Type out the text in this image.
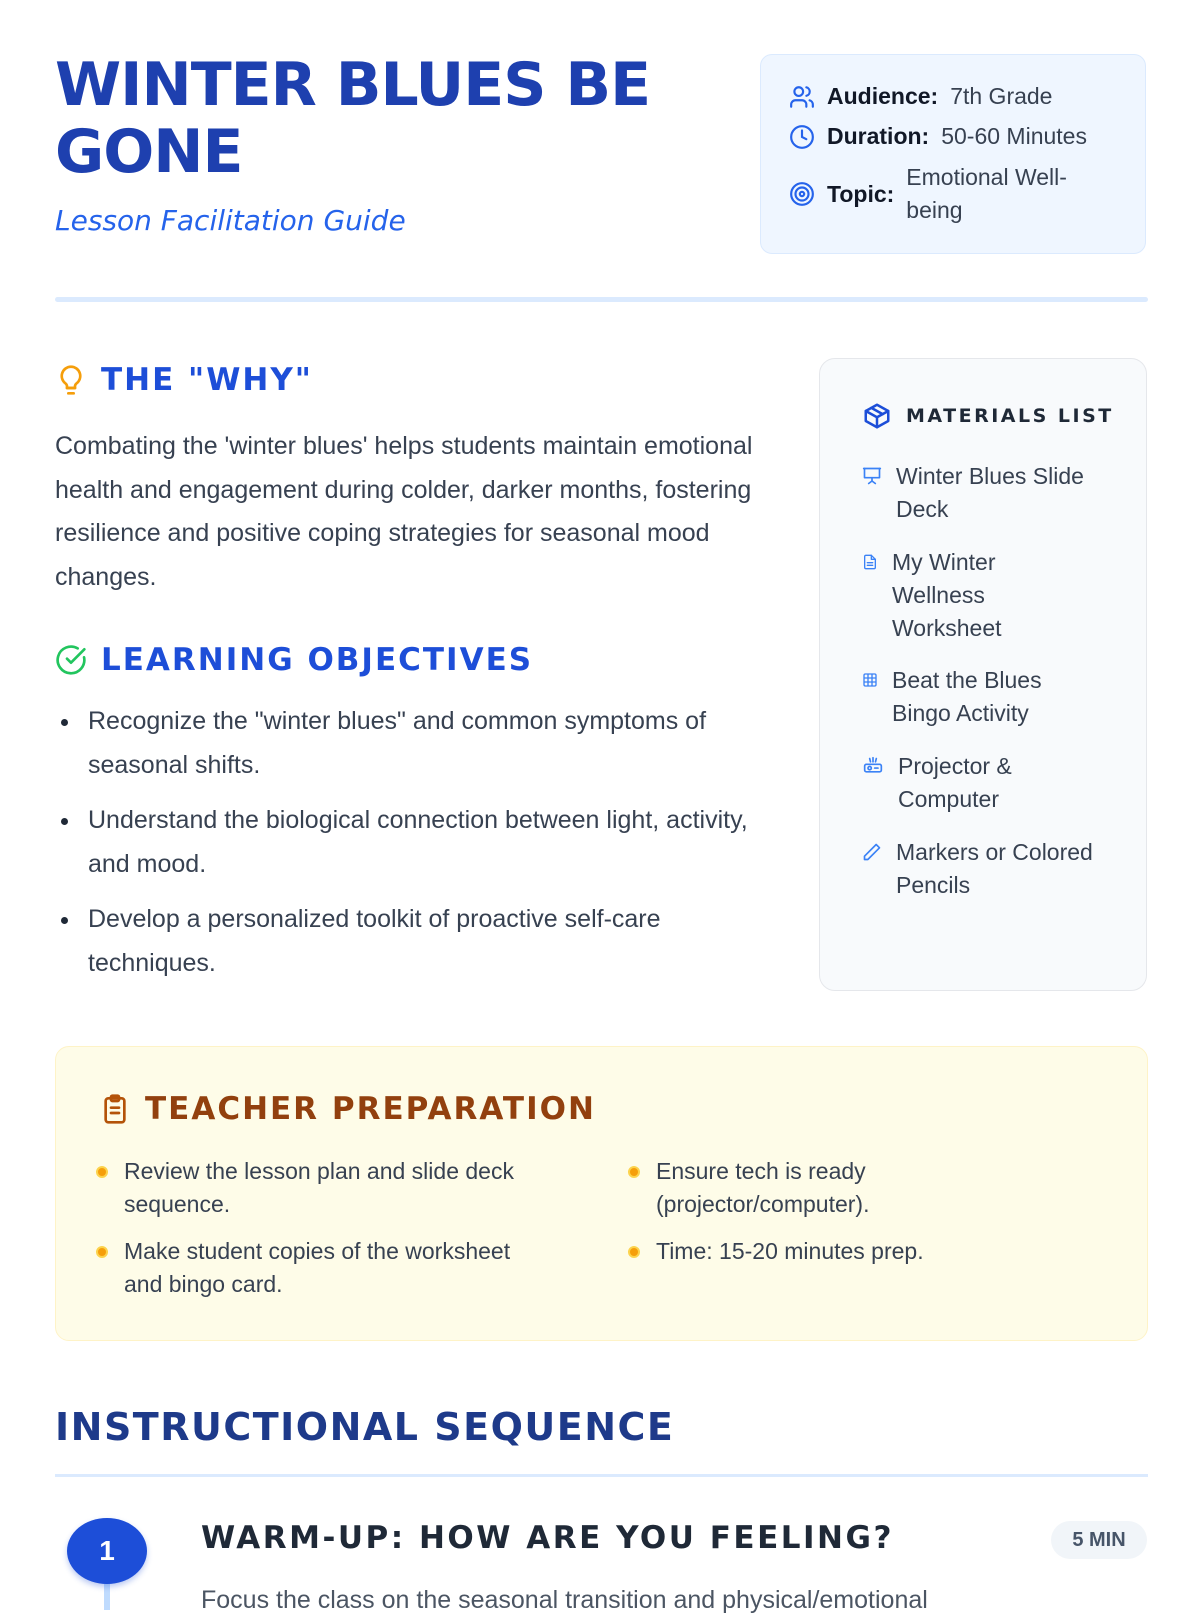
WINTER BLUES BE GONE

Lesson Facilitation Guide

Audience: 7th Grade
Duration: 50-60 Minutes
Topic:
Emotional Well-being
THE "WHY"

Combating the 'winter blues' helps students maintain emotional health and engagement during colder, darker months, fostering resilience and positive coping strategies for seasonal mood changes.

LEARNING OBJECTIVES
Recognize the "winter blues" and common symptoms of seasonal shifts.
Understand the biological connection between light, activity, and mood.
Develop a personalized toolkit of proactive self-care techniques.
MATERIALS LIST
Winter Blues Slide Deck
My Winter Wellness Worksheet
Beat the Blues Bingo Activity
Projector & Computer
Markers or Colored Pencils
TEACHER PREPARATION
Review the lesson plan and slide deck sequence.
Make student copies of the worksheet and bingo card.
Ensure tech is ready (projector/computer).
Time: 15-20 minutes prep.
INSTRUCTIONAL SEQUENCE
1	WARM-UP: HOW ARE YOU FEELING?	5 MIN

Focus the class on the seasonal transition and physical/emotional
